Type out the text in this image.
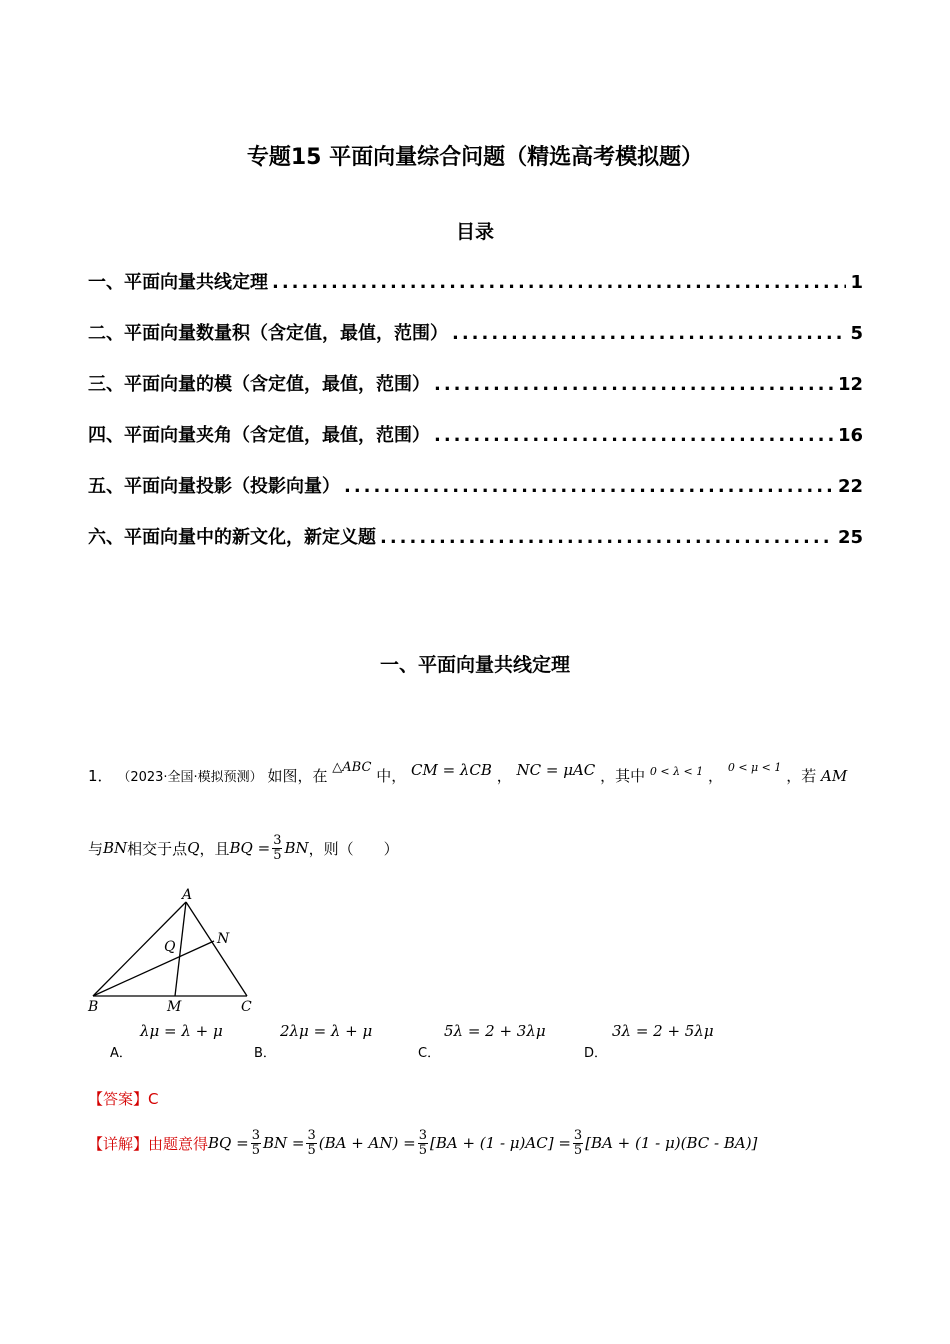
专题15 平面向量综合问题（精选高考模拟题）
目录
一、平面向量共线定理 .....	1
二、平面向量数量积（含定值，最值，范围） .....	5
三、平面向量的模（含定值，最值，范围） .....	12
四、平面向量夹角（含定值，最值，范围） .....	16
五、平面向量投影（投影向量） .....	22
六、平面向量中的新文化，新定义题 .....	25
一、平面向量共线定理
1． （2023·全国·模拟预测） 如图，在 △ABC 中， CM = λCB ， NC = μAC ，其中 $^{0 < \lambda < 1}$ ， $^{0 < \mu < 1}$ ，若 AM
与 BN 相交于点 Q ，且 BQ = $\frac{3}{5}$ BN ，则（　　）
A
B	C
M
N
Q
λμ = λ + μ
A．
2λμ = λ + μ
B．
5λ = 2 + 3λμ
C．
3λ = 2 + 5λμ
D．
【答案】C
【详解】 由题意得 BQ = $\frac{3}{5}$ BN = $\frac{3}{5} (BA + AN) = \frac{3}{5} [BA + (1 - \mu)AC] = \frac{3}{5} [BA + (1 - \mu)(BC - BA)]$
